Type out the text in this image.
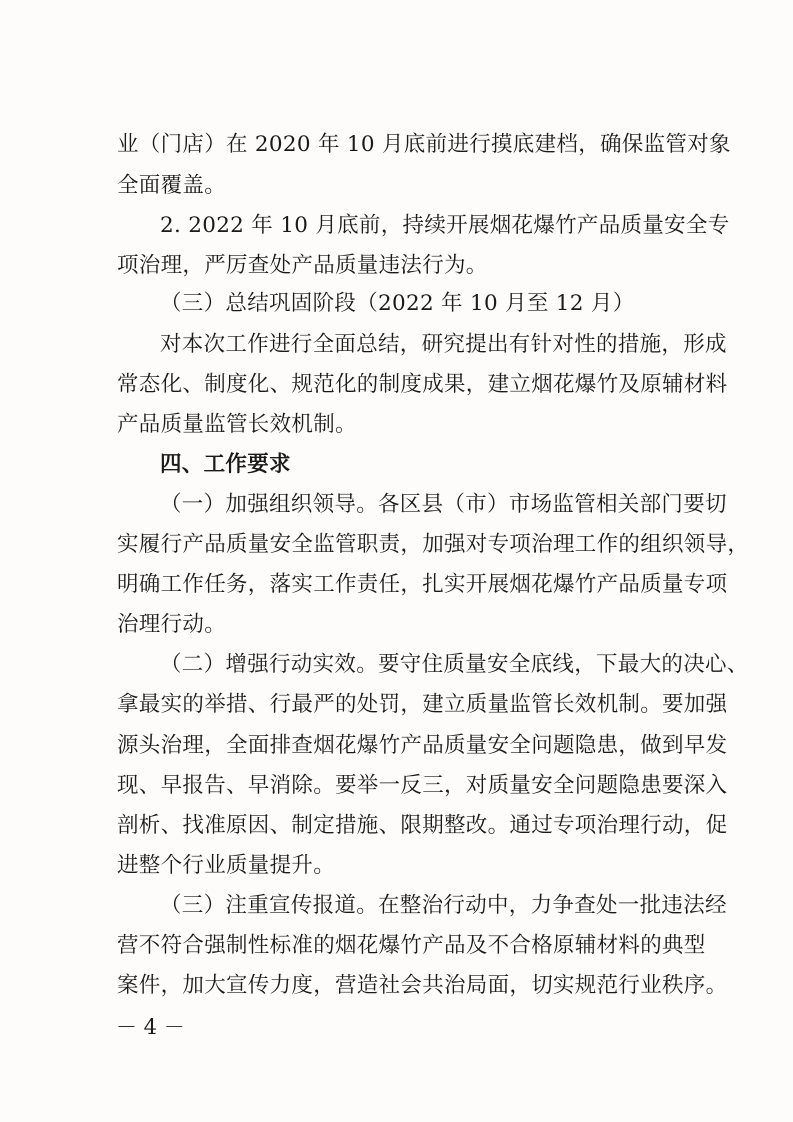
业（门店）在 2020 年 10 月底前进行摸底建档，确保监管对象
全面覆盖。
2. 2022 年 10 月底前，持续开展烟花爆竹产品质量安全专
项治理，严厉查处产品质量违法行为。
（三）总结巩固阶段（2022 年 10 月至 12 月）
对本次工作进行全面总结，研究提出有针对性的措施，形成
常态化、制度化、规范化的制度成果，建立烟花爆竹及原辅材料
产品质量监管长效机制。
四、工作要求
（一）加强组织领导。各区县（市）市场监管相关部门要切
实履行产品质量安全监管职责，加强对专项治理工作的组织领导，
明确工作任务，落实工作责任，扎实开展烟花爆竹产品质量专项
治理行动。
（二）增强行动实效。要守住质量安全底线，下最大的决心、
拿最实的举措、行最严的处罚，建立质量监管长效机制。要加强
源头治理，全面排查烟花爆竹产品质量安全问题隐患，做到早发
现、早报告、早消除。要举一反三，对质量安全问题隐患要深入
剖析、找准原因、制定措施、限期整改。通过专项治理行动，促
进整个行业质量提升。
（三）注重宣传报道。在整治行动中，力争查处一批违法经
营不符合强制性标准的烟花爆竹产品及不合格原辅材料的典型
案件，加大宣传力度，营造社会共治局面，切实规范行业秩序。
－ 4 －
